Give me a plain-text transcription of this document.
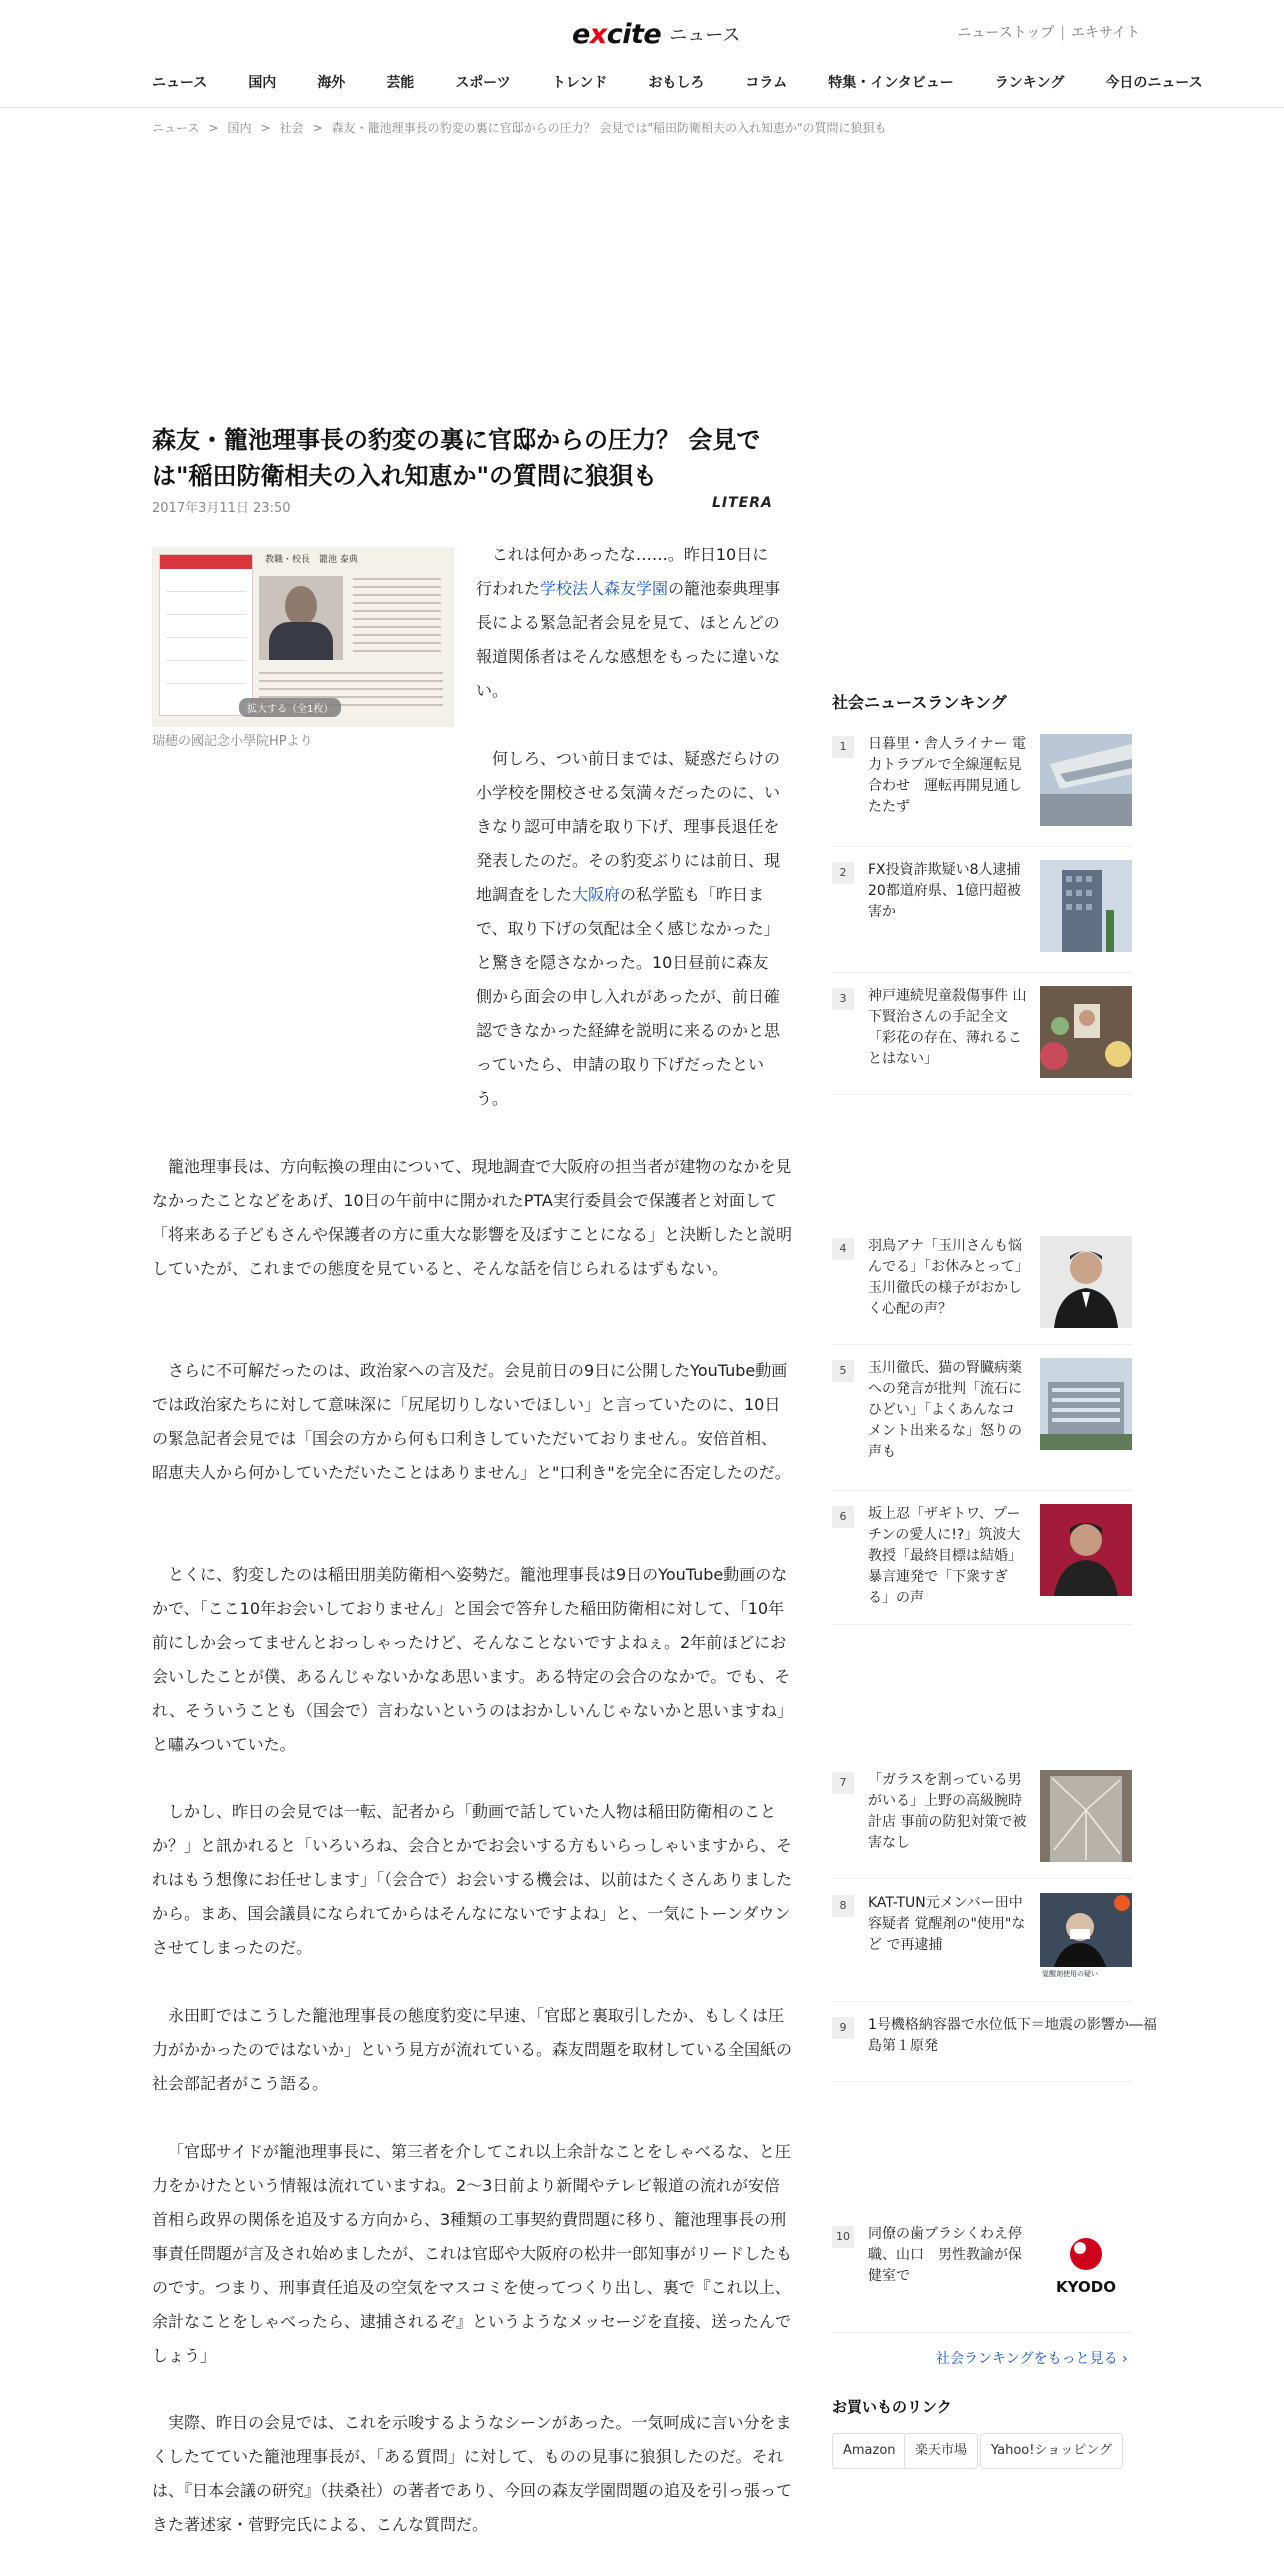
excite ニュース	ニューストップ | エキサイト
ニュース	国内	海外	芸能	スポーツ	トレンド	おもしろ	コラム	特集・インタビュー	ランキング	今日のニュース
ニュース > 国内 > 社会 > 森友・籠池理事長の豹変の裏に官邸からの圧力？ 会見では"稲田防衛相夫の入れ知恵か"の質問に狼狽も
森友・籠池理事長の豹変の裏に官邸からの圧力？ 会見では"稲田防衛相夫の入れ知恵か"の質問に狼狽も
2017年3月11日 23:50	LITERA
教職・校長　籠池 泰典
拡大する（全1枚）
瑞穂の國記念小學院HPより

これは何かあったな……。昨日10日に行われた学校法人森友学園の籠池泰典理事長による緊急記者会見を見て、ほとんどの報道関係者はそんな感想をもったに違いない。

何しろ、つい前日までは、疑惑だらけの小学校を開校させる気満々だったのに、いきなり認可申請を取り下げ、理事長退任を発表したのだ。その豹変ぶりには前日、現地調査をした大阪府の私学監も「昨日まで、取り下げの気配は全く感じなかった」と驚きを隠さなかった。10日昼前に森友側から面会の申し入れがあったが、前日確認できなかった経緯を説明に来るのかと思っていたら、申請の取り下げだったという。

籠池理事長は、方向転換の理由について、現地調査で大阪府の担当者が建物のなかを見なかったことなどをあげ、10日の午前中に開かれたPTA実行委員会で保護者と対面して「将来ある子どもさんや保護者の方に重大な影響を及ぼすことになる」と決断したと説明していたが、これまでの態度を見ていると、そんな話を信じられるはずもない。

さらに不可解だったのは、政治家への言及だ。会見前日の9日に公開したYouTube動画では政治家たちに対して意味深に「尻尾切りしないでほしい」と言っていたのに、10日の緊急記者会見では「国会の方から何も口利きしていただいておりません。安倍首相、昭恵夫人から何かしていただいたことはありません」と"口利き"を完全に否定したのだ。

とくに、豹変したのは稲田朋美防衛相へ姿勢だ。籠池理事長は9日のYouTube動画のなかで、「ここ10年お会いしておりません」と国会で答弁した稲田防衛相に対して、「10年前にしか会ってませんとおっしゃったけど、そんなことないですよねぇ。2年前ほどにお会いしたことが僕、あるんじゃないかなあ思います。ある特定の会合のなかで。でも、それ、そういうことも（国会で）言わないというのはおかしいんじゃないかと思いますね」と嘯みついていた。

しかし、昨日の会見では一転、記者から「動画で話していた人物は稲田防衛相のことか？」と訊かれると「いろいろね、会合とかでお会いする方もいらっしゃいますから、それはもう想像にお任せします」「（会合で）お会いする機会は、以前はたくさんありましたから。まあ、国会議員になられてからはそんなにないですよね」と、一気にトーンダウンさせてしまったのだ。

永田町ではこうした籠池理事長の態度豹変に早速、「官邸と裏取引したか、もしくは圧力がかかったのではないか」という見方が流れている。森友問題を取材している全国紙の社会部記者がこう語る。

「官邸サイドが籠池理事長に、第三者を介してこれ以上余計なことをしゃべるな、と圧力をかけたという情報は流れていますね。2～3日前より新聞やテレビ報道の流れが安倍首相ら政界の関係を追及する方向から、3種類の工事契約費問題に移り、籠池理事長の刑事責任問題が言及され始めましたが、これは官邸や大阪府の松井一郎知事がリードしたものです。つまり、刑事責任追及の空気をマスコミを使ってつくり出し、裏で『これ以上、余計なことをしゃべったら、逮捕されるぞ』というようなメッセージを直接、送ったんでしょう」

実際、昨日の会見では、これを示唆するようなシーンがあった。一気呵成に言い分をまくしたてていた籠池理事長が、「ある質問」に対して、ものの見事に狼狽したのだ。それは、『日本会議の研究』（扶桑社）の著者であり、今回の森友学園問題の追及を引っ張ってきた著述家・菅野完氏による、こんな質問だ。

社会ニュースランキング
1	日暮里・舎人ライナー 電力トラブルで全線運転見合わせ　運転再開見通したたず
2	FX投資詐欺疑い8人逮捕 20都道府県、1億円超被害か
3	神戸連続児童殺傷事件 山下賢治さんの手記全文「彩花の存在、薄れることはない」
4	羽鳥アナ「玉川さんも悩んでる」「お休みとって」玉川徹氏の様子がおかしく心配の声？
5	玉川徹氏、猫の腎臓病薬への発言が批判「流石にひどい」「よくあんなコメント出来るな」怒りの声も
6	坂上忍「ザギトワ、プーチンの愛人に!?」筑波大教授「最終目標は結婚」暴言連発で「下衆すぎる」の声
7	「ガラスを割っている男がいる」上野の高級腕時計店 事前の防犯対策で被害なし
8	KAT-TUN元メンバー田中容疑者 覚醒剤の"使用"など で再逮捕
覚醒剤使用の疑い
9	1号機格納容器で水位低下＝地震の影響か―福島第１原発
10 同僚の歯ブラシくわえ停職、山口　男性教諭が保健室で
KYODO
社会ランキングをもっと見る ›
お買いものリンク
Amazon	楽天市場	Yahoo!ショッピング
